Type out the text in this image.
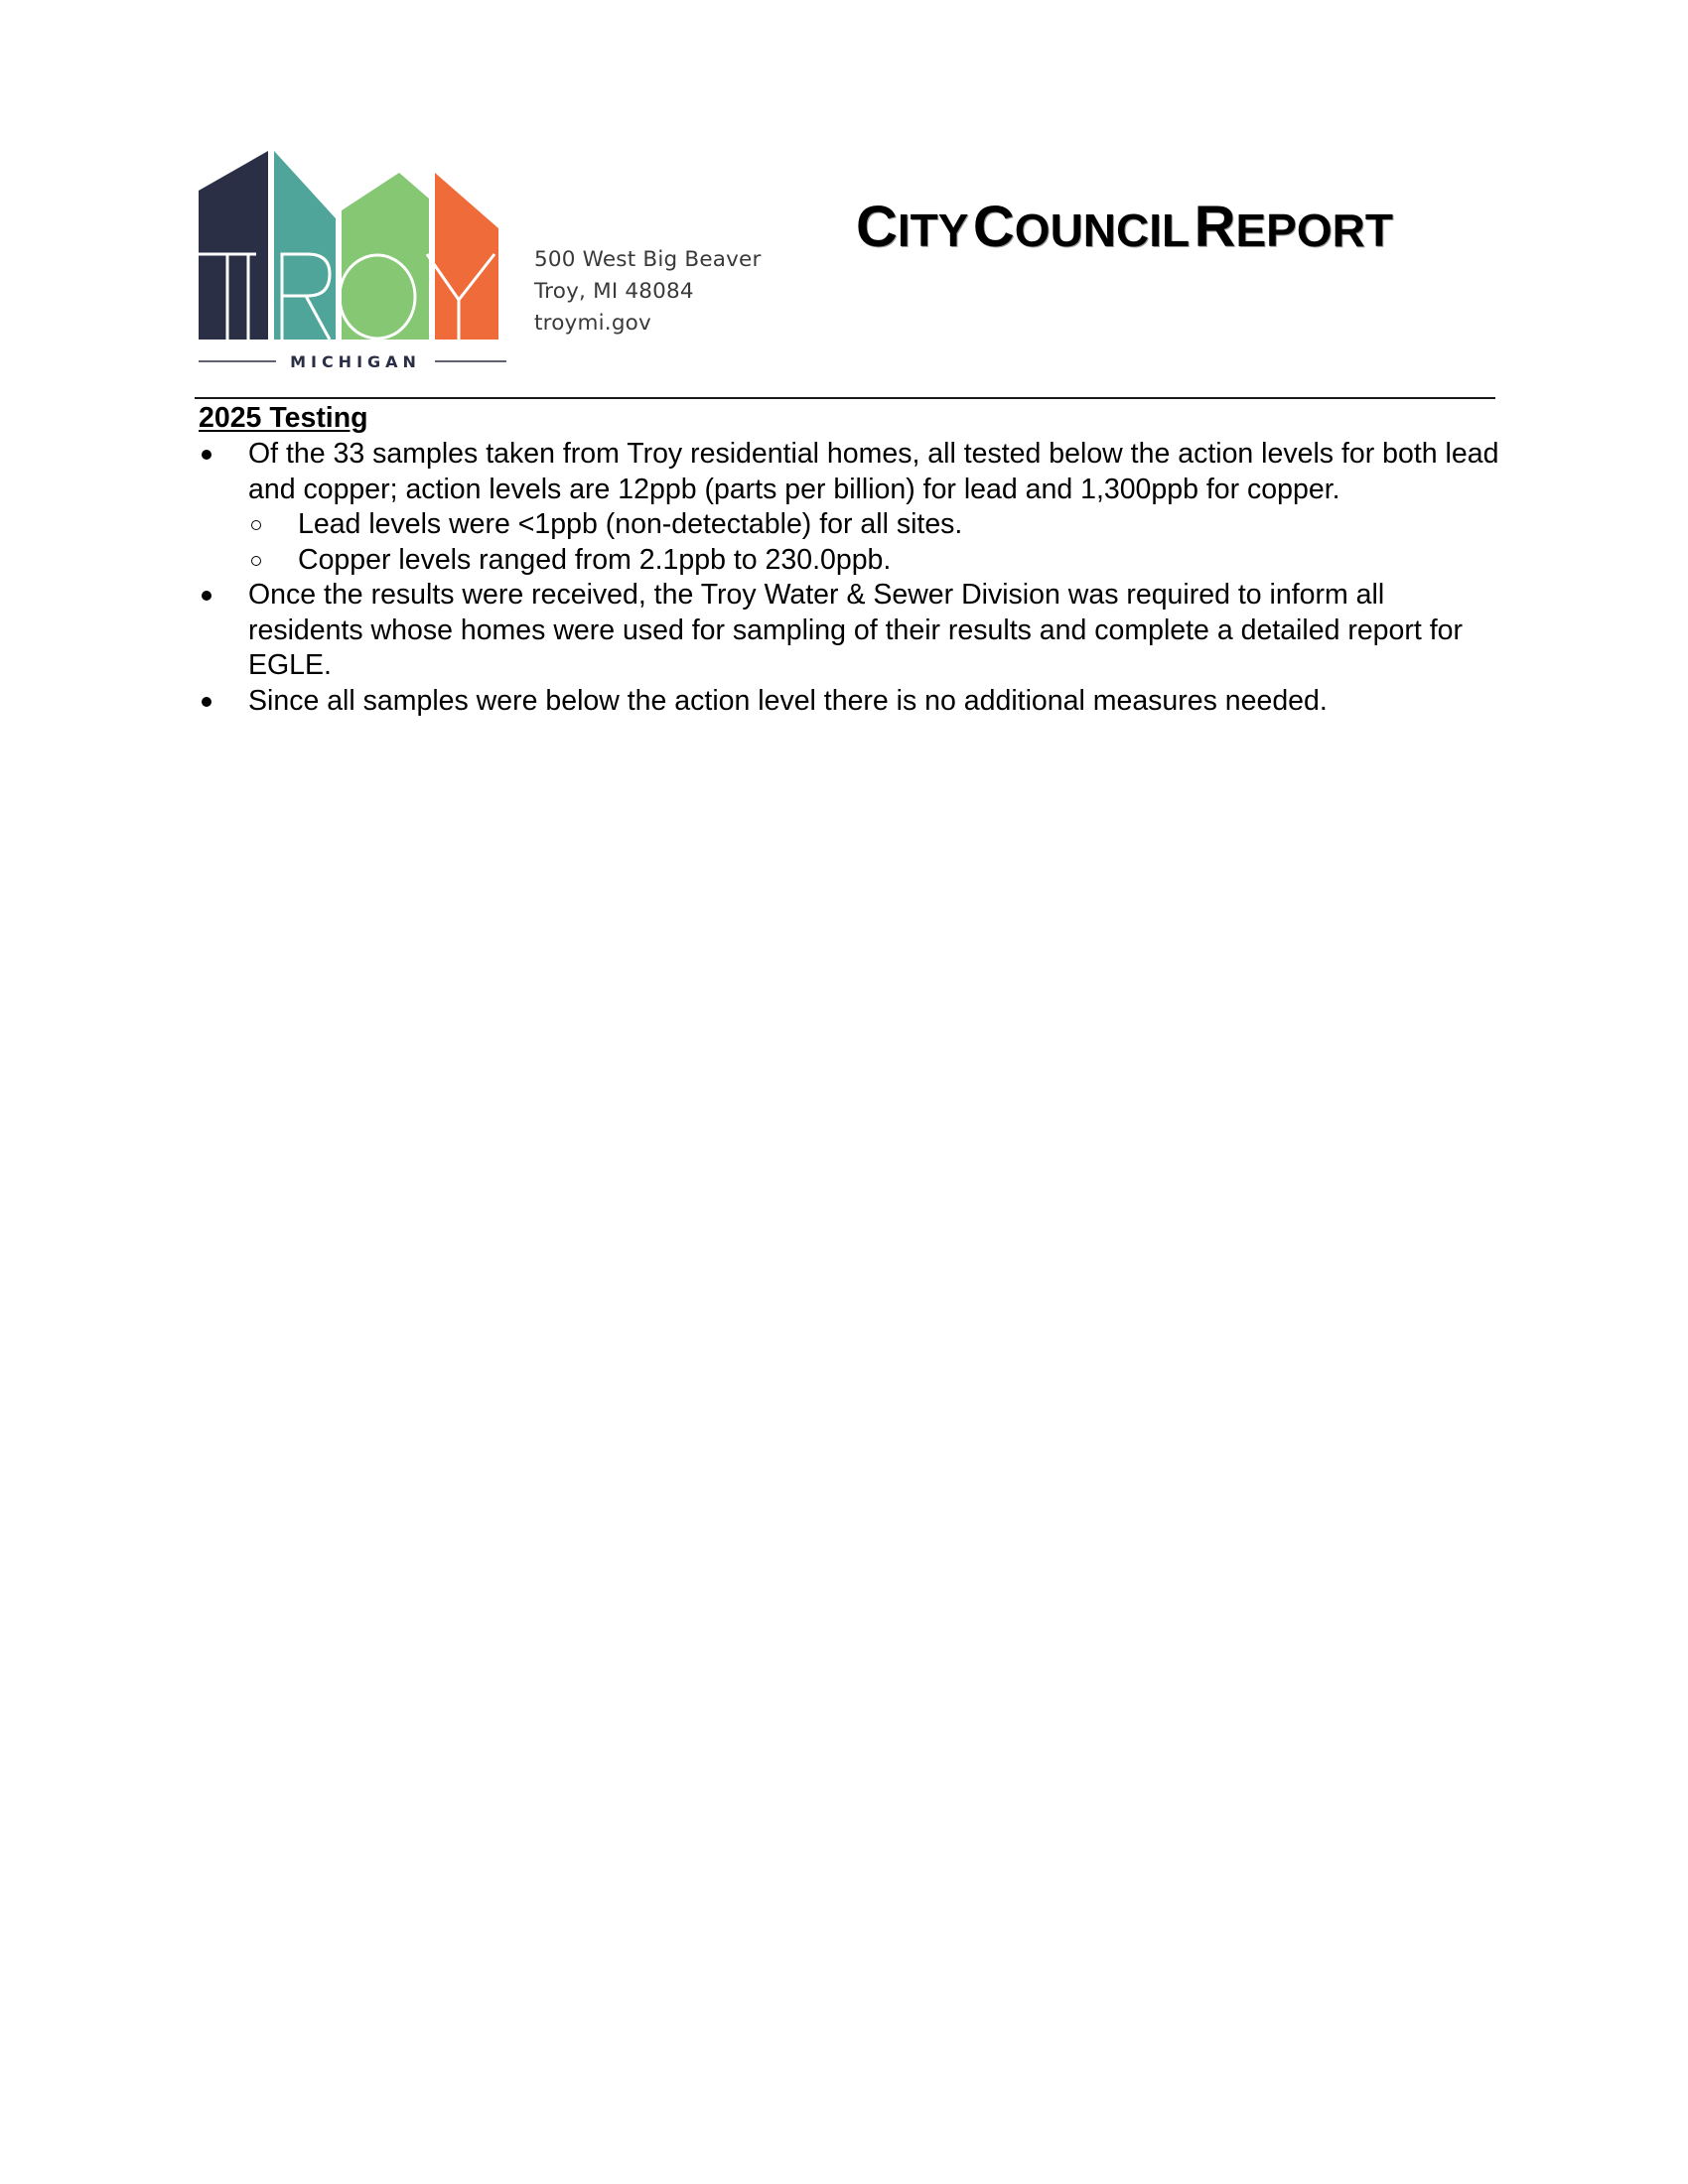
MICHIGAN
500 West Big Beaver
Troy, MI 48084
troymi.gov
CITY COUNCIL REPORT
2025 Testing
Of the 33 samples taken from Troy residential homes, all tested below the action levels for both lead and copper; action levels are 12ppb (parts per billion) for lead and 1,300ppb for copper.
Lead levels were <1ppb (non-detectable) for all sites.
Copper levels ranged from 2.1ppb to 230.0ppb.
Once the results were received, the Troy Water & Sewer Division was required to inform all residents whose homes were used for sampling of their results and complete a detailed report for EGLE.
Since all samples were below the action level there is no additional measures needed.
